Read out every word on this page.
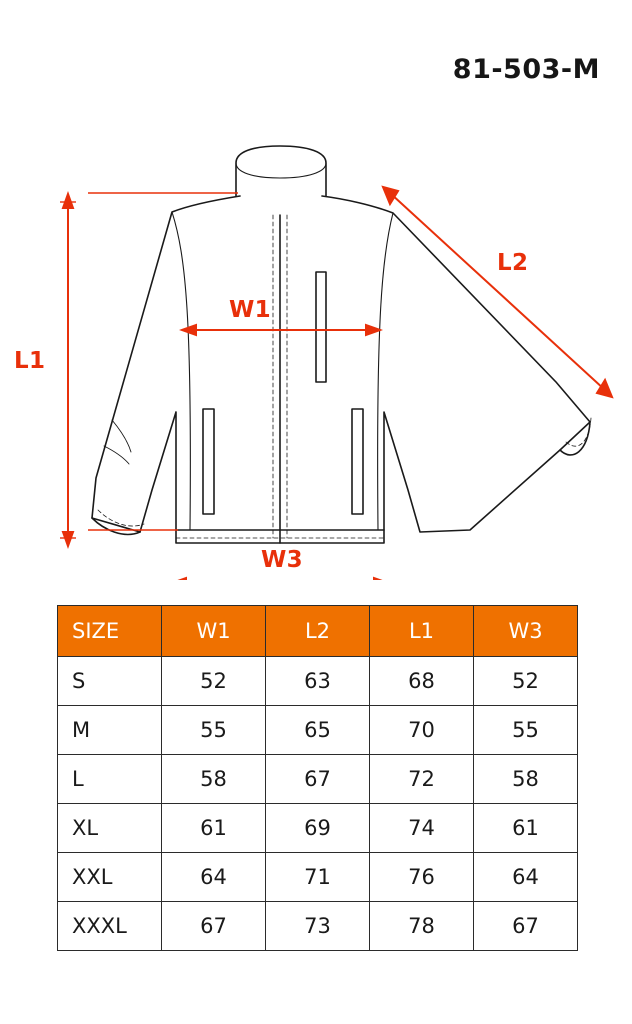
81-503-M
L1
L2
W1
W3
SIZE	W1	L2	L1	W3
S	52	63	68	52
M	55	65	70	55
L	58	67	72	58
XL	61	69	74	61
XXL	64	71	76	64
XXXL	67	73	78	67
